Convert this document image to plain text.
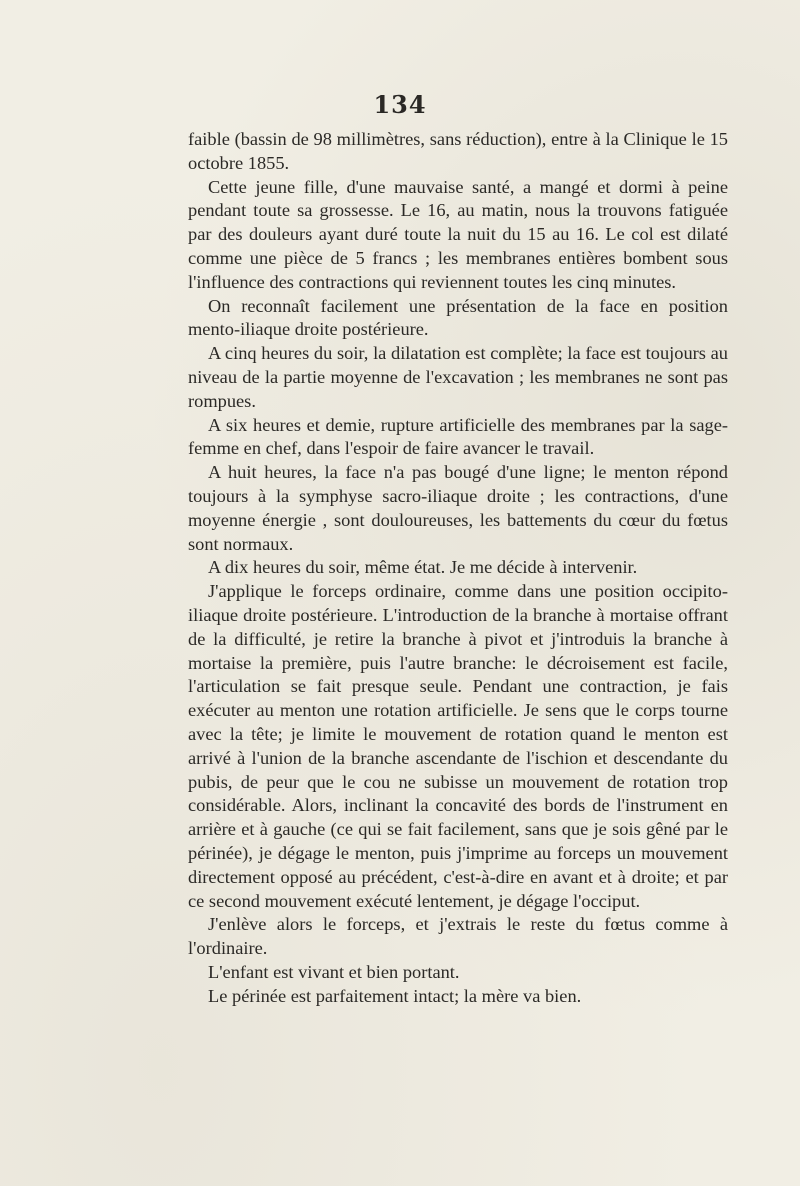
134

faible (bassin de 98 millimètres, sans réduction), entre à la Clinique le 15 octobre 1855.

Cette jeune fille, d'une mauvaise santé, a mangé et dormi à peine pendant toute sa grossesse. Le 16, au matin, nous la trouvons fatiguée par des douleurs ayant duré toute la nuit du 15 au 16. Le col est dilaté comme une pièce de 5 francs ; les membranes entières bombent sous l'influence des contractions qui reviennent toutes les cinq minutes.

On reconnaît facilement une présentation de la face en position mento-iliaque droite postérieure.

A cinq heures du soir, la dilatation est complète; la face est toujours au niveau de la partie moyenne de l'excavation ; les membranes ne sont pas rompues.

A six heures et demie, rupture artificielle des membranes par la sage-femme en chef, dans l'espoir de faire avancer le travail.

A huit heures, la face n'a pas bougé d'une ligne; le menton répond toujours à la symphyse sacro-iliaque droite ; les contractions, d'une moyenne énergie , sont douloureuses, les battements du cœur du fœtus sont normaux.

A dix heures du soir, même état. Je me décide à intervenir.

J'applique le forceps ordinaire, comme dans une position occipito-iliaque droite postérieure. L'introduction de la branche à mortaise offrant de la difficulté, je retire la branche à pivot et j'introduis la branche à mortaise la première, puis l'autre branche: le décroisement est facile, l'articulation se fait presque seule. Pendant une contraction, je fais exécuter au menton une rotation artificielle. Je sens que le corps tourne avec la tête; je limite le mouvement de rotation quand le menton est arrivé à l'union de la branche ascendante de l'ischion et descendante du pubis, de peur que le cou ne subisse un mouvement de rotation trop considérable. Alors, inclinant la concavité des bords de l'instrument en arrière et à gauche (ce qui se fait facilement, sans que je sois gêné par le périnée), je dégage le menton, puis j'imprime au forceps un mouvement directement opposé au précédent, c'est-à-dire en avant et à droite; et par ce second mouvement exécuté lentement, je dégage l'occiput.

J'enlève alors le forceps, et j'extrais le reste du fœtus comme à l'ordinaire.

L'enfant est vivant et bien portant.

Le périnée est parfaitement intact; la mère va bien.
